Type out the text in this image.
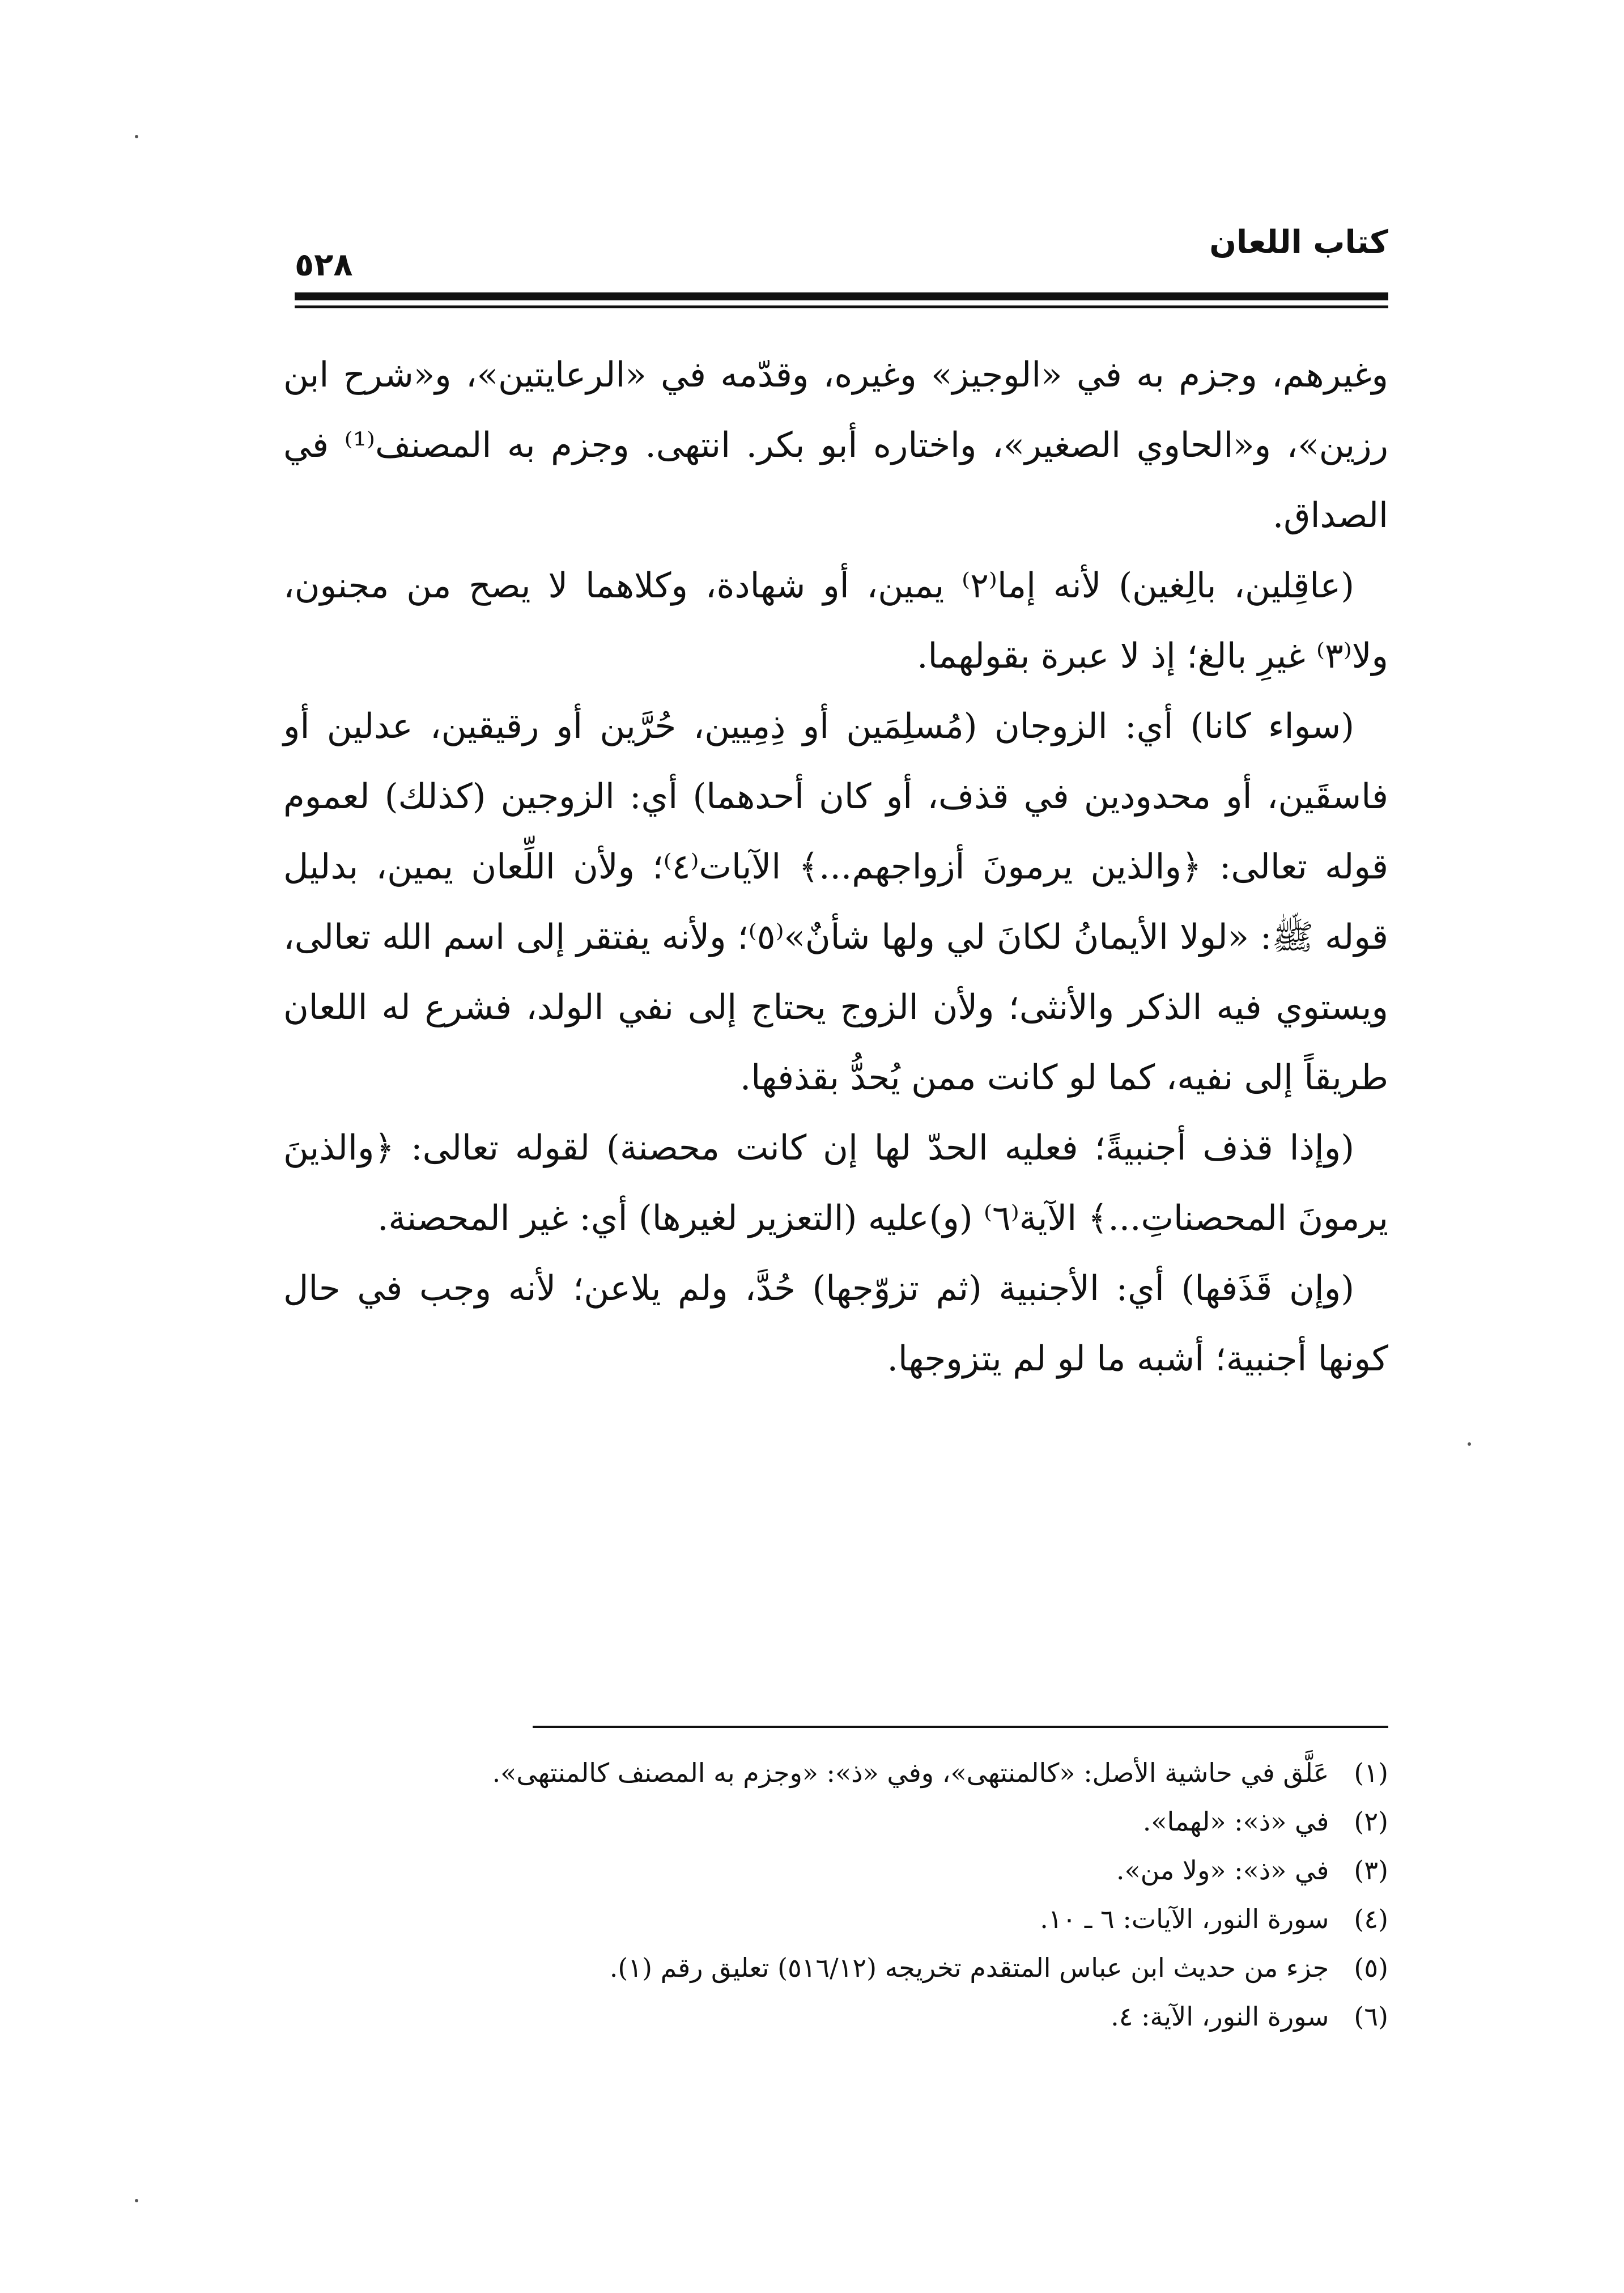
كتاب اللعان
٥٢٨

وغيرهم، وجزم به في «الوجيز» وغيره، وقدّمه في «الرعايتين»، و«شرح ابن رزين»، و«الحاوي الصغير»، واختاره أبو بكر. انتهى. وجزم به المصنف⁽¹⁾ في الصداق.

(عاقِلين، بالِغين) لأنه إما⁽٢⁾ يمين، أو شهادة، وكلاهما لا يصح من مجنون، ولا⁽٣⁾ غيرِ بالغ؛ إذ لا عبرة بقولهما.

(سواء كانا) أي: الزوجان (مُسلِمَين أو ذِمِيين، حُرَّين أو رقيقين، عدلين أو فاسقَين، أو محدودين في قذف، أو كان أحدهما) أي: الزوجين (كذلك) لعموم قوله تعالى: ﴿والذين يرمونَ أزواجهم...﴾ الآيات⁽٤⁾؛ ولأن اللِّعان يمين، بدليل قوله ﷺ: «لولا الأيمانُ لكانَ لي ولها شأنٌ»⁽٥⁾؛ ولأنه يفتقر إلى اسم الله تعالى، ويستوي فيه الذكر والأنثى؛ ولأن الزوج يحتاج إلى نفي الولد، فشرع له اللعان طريقاً إلى نفيه، كما لو كانت ممن يُحدُّ بقذفها.

(وإذا قذف أجنبيةً؛ فعليه الحدّ لها إن كانت محصنة) لقوله تعالى: ﴿والذينَ يرمونَ المحصناتِ...﴾ الآية⁽٦⁾ (و)عليه (التعزير لغيرها) أي: غير المحصنة.

(وإن قَذَفها) أي: الأجنبية (ثم تزوّجها) حُدَّ، ولم يلاعن؛ لأنه وجب في حال كونها أجنبية؛ أشبه ما لو لم يتزوجها.

(١) عَلَّق في حاشية الأصل: «كالمنتهى»، وفي «ذ»: «وجزم به المصنف كالمنتهى».

(٢) في «ذ»: «لهما».

(٣) في «ذ»: «ولا من».

(٤) سورة النور، الآيات: ٦ ـ ١٠.

(٥) جزء من حديث ابن عباس المتقدم تخريجه (٥١٦/١٢) تعليق رقم (١).

(٦) سورة النور، الآية: ٤.
